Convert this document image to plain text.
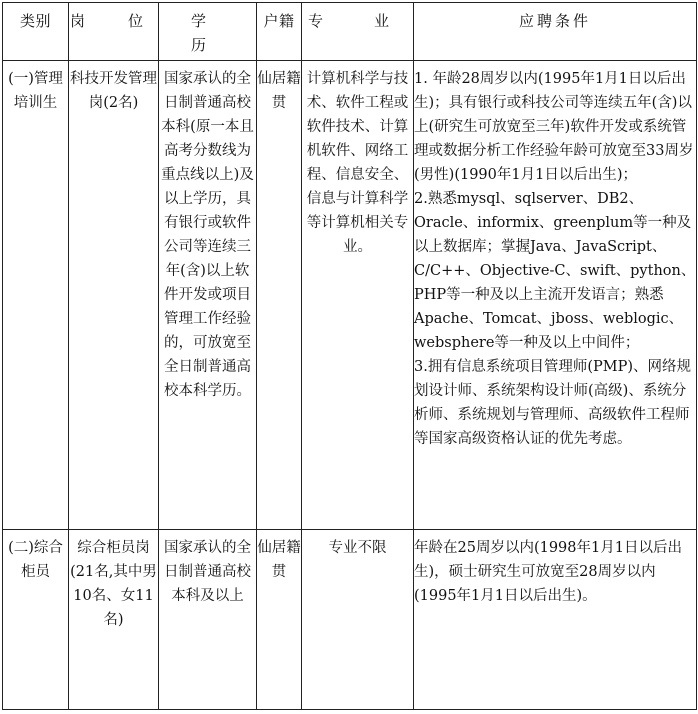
类别	岗　位	学　历	户籍	专　业	应聘条件
(一)管理培训生	科技开发管理岗(2名)	国家承认的全日制普通高校本科(原一本且高考分数线为重点线以上)及以上学历，具有银行或软件公司等连续三年(含)以上软件开发或项目管理工作经验的，可放宽至全日制普通高校本科学历。	仙居籍贯	计算机科学与技术、软件工程或软件技术、计算机软件、网络工程、信息安全、信息与计算科学等计算机相关专业。	1. 年龄28周岁以内(1995年1月1日以后出生)；具有银行或科技公司等连续五年(含)以上(研究生可放宽至三年)软件开发或系统管理或数据分析工作经验年龄可放宽至33周岁(男性)(1990年1月1日以后出生)；
2.熟悉mysql、sqlserver、DB2、Oracle、informix、greenplum等一种及以上数据库；掌握Java、JavaScript、C/C++、Objective-C、swift、python、PHP等一种及以上主流开发语言；熟悉Apache、Tomcat、jboss、weblogic、websphere等一种及以上中间件；
3.拥有信息系统项目管理师(PMP)、网络规划设计师、系统架构设计师(高级)、系统分析师、系统规划与管理师、高级软件工程师等国家高级资格认证的优先考虑。
(二)综合柜员	综合柜员岗(21名,其中男10名、女11名)	国家承认的全日制普通高校本科及以上	仙居籍贯	专业不限	年龄在25周岁以内(1998年1月1日以后出生)，硕士研究生可放宽至28周岁以内(1995年1月1日以后出生)。
